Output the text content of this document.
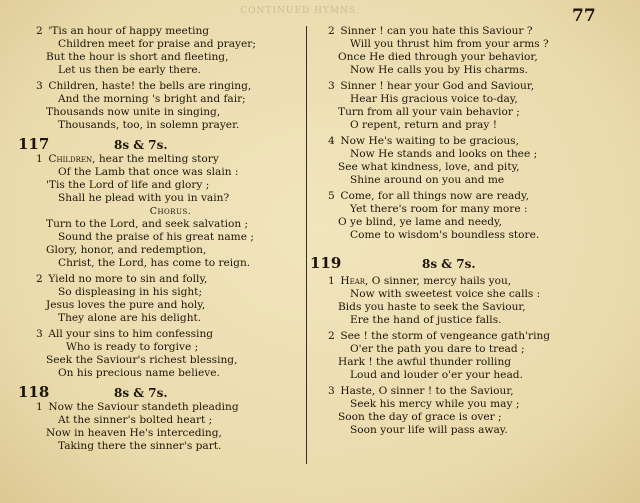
CONTINUED HYMNS.	77
2 'Tis an hour of happy meeting
Children meet for praise and prayer;
But the hour is short and fleeting,
Let us then be early there.
3 Children, haste! the bells are ringing,
And the morning 's bright and fair;
Thousands now unite in singing,
Thousands, too, in solemn prayer.
117	8s & 7s.
1 Children, hear the melting story
Of the Lamb that once was slain :
'Tis the Lord of life and glory ;
Shall he plead with you in vain?
Chorus.
Turn to the Lord, and seek salvation ;
Sound the praise of his great name ;
Glory, honor, and redemption,
Christ, the Lord, has come to reign.
2 Yield no more to sin and folly,
So displeasing in his sight;
Jesus loves the pure and holy,
They alone are his delight.
3 All your sins to him confessing
Who is ready to forgive ;
Seek the Saviour's richest blessing,
On his precious name believe.
118	8s & 7s.
1 Now the Saviour standeth pleading
At the sinner's bolted heart ;
Now in heaven He's interceding,
Taking there the sinner's part.
2 Sinner ! can you hate this Saviour ?
Will you thrust him from your arms ?
Once He died through your behavior,
Now He calls you by His charms.
3 Sinner ! hear your God and Saviour,
Hear His gracious voice to-day,
Turn from all your vain behavior ;
O repent, return and pray !
4 Now He's waiting to be gracious,
Now He stands and looks on thee ;
See what kindness, love, and pity,
Shine around on you and me
5 Come, for all things now are ready,
Yet there's room for many more :
O ye blind, ye lame and needy,
Come to wisdom's boundless store.
119	8s & 7s.
1 Hear, O sinner, mercy hails you,
Now with sweetest voice she calls :
Bids you haste to seek the Saviour,
Ere the hand of justice falls.
2 See ! the storm of vengeance gath'ring
O'er the path you dare to tread ;
Hark ! the awful thunder rolling
Loud and louder o'er your head.
3 Haste, O sinner ! to the Saviour,
Seek his mercy while you may ;
Soon the day of grace is over ;
Soon your life will pass away.
